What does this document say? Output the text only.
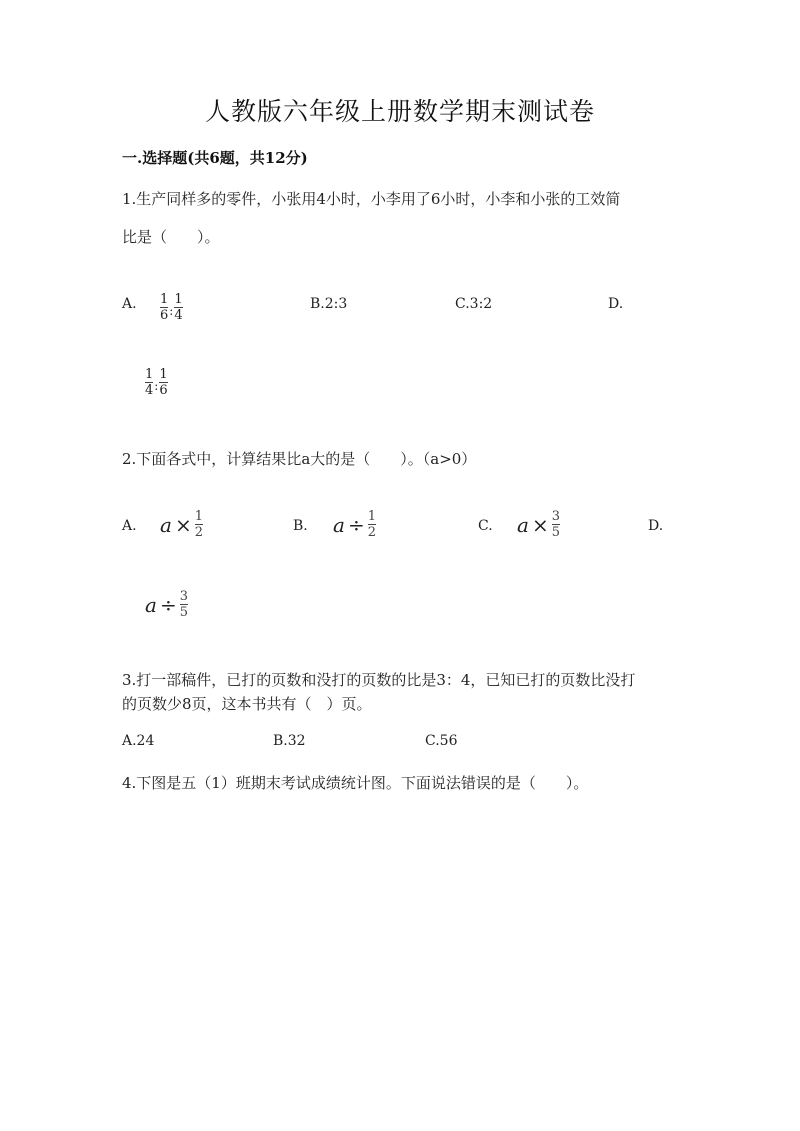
人教版六年级上册数学期末测试卷
一.选择题(共6题，共12分)
1.生产同样多的零件，小张用4小时，小李用了6小时，小李和小张的工效简
比是（　　）。
A. $\frac{1}{6}$ : $\frac{1}{4}$	B.2:3	C.3:2	D.
$\frac{1}{4}$ : $\frac{1}{6}$
2.下面各式中，计算结果比a大的是（　　）。（a>0）
A. $a \times \frac{1}{2}$	B. $a \div \frac{1}{2}$	C. $a \times \frac{3}{5}$	D.
$a \div \frac{3}{5}$
3.打一部稿件，已打的页数和没打的页数的比是3：4，已知已打的页数比没打
的页数少8页，这本书共有（　）页。
A.24	B.32	C.56
4.下图是五（1）班期末考试成绩统计图。下面说法错误的是（　　）。
